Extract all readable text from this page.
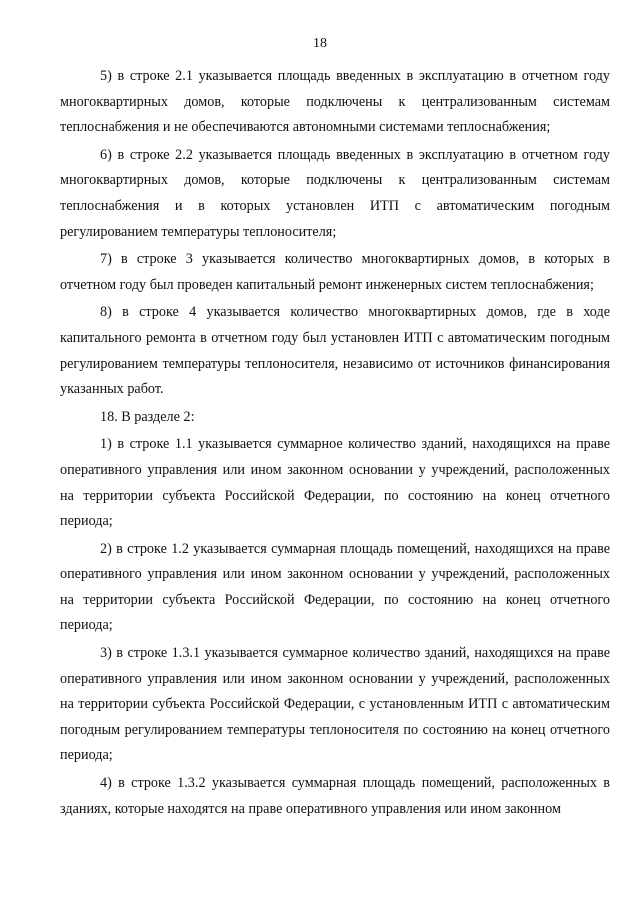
18

5) в строке 2.1 указывается площадь введенных в эксплуатацию в отчетном году многоквартирных домов, которые подключены к централизованным системам теплоснабжения и не обеспечиваются автономными системами теплоснабжения;

6) в строке 2.2 указывается площадь введенных в эксплуатацию в отчетном году многоквартирных домов, которые подключены к централизованным системам теплоснабжения и в которых установлен ИТП с автоматическим погодным регулированием температуры теплоносителя;

7) в строке 3 указывается количество многоквартирных домов, в которых в отчетном году был проведен капитальный ремонт инженерных систем теплоснабжения;

8) в строке 4 указывается количество многоквартирных домов, где в ходе капитального ремонта в отчетном году был установлен ИТП с автоматическим погодным регулированием температуры теплоносителя, независимо от источников финансирования указанных работ.

18. В разделе 2:

1) в строке 1.1 указывается суммарное количество зданий, находящихся на праве оперативного управления или ином законном основании у учреждений, расположенных на территории субъекта Российской Федерации, по состоянию на конец отчетного периода;

2) в строке 1.2 указывается суммарная площадь помещений, находящихся на праве оперативного управления или ином законном основании у учреждений, расположенных на территории субъекта Российской Федерации, по состоянию на конец отчетного периода;

3) в строке 1.3.1 указывается суммарное количество зданий, находящихся на праве оперативного управления или ином законном основании у учреждений, расположенных на территории субъекта Российской Федерации, с установленным ИТП с автоматическим погодным регулированием температуры теплоносителя по состоянию на конец отчетного периода;

4) в строке 1.3.2 указывается суммарная площадь помещений, расположенных в зданиях, которые находятся на праве оперативного управления или ином законном
